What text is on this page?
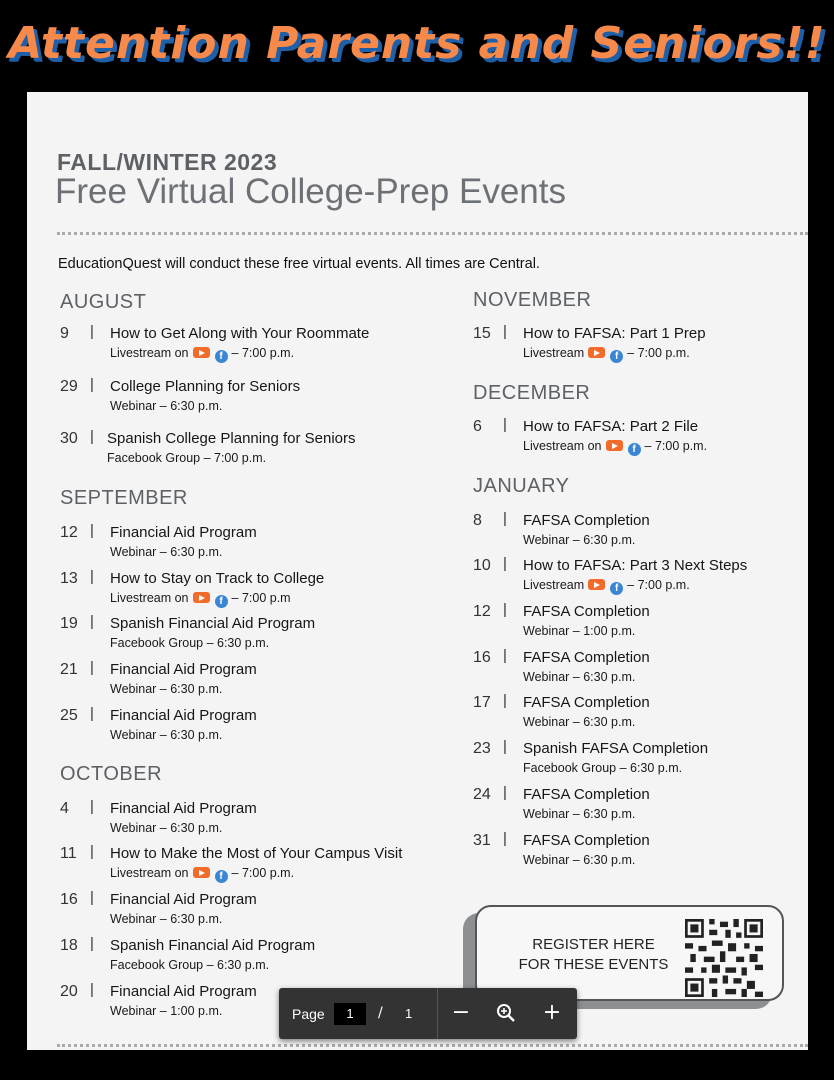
Attention Parents and Seniors!!
FALL/WINTER 2023
Free Virtual College-Prep Events
EducationQuest will conduct these free virtual events. All times are Central.
AUGUST
9	| How to Get Along with Your Roommate
Livestream on	f – 7:00 p.m.
29 | College Planning for Seniors
Webinar – 6:30 p.m.
30 | Spanish College Planning for Seniors
Facebook Group – 7:00 p.m.
SEPTEMBER
12 | Financial Aid Program
Webinar – 6:30 p.m.
13 | How to Stay on Track to College
Livestream on	f – 7:00 p.m
19 | Spanish Financial Aid Program
Facebook Group – 6:30 p.m.
21 | Financial Aid Program
Webinar – 6:30 p.m.
25 | Financial Aid Program
Webinar – 6:30 p.m.
OCTOBER
4	| Financial Aid Program
Webinar – 6:30 p.m.
11 | How to Make the Most of Your Campus Visit
Livestream on	f – 7:00 p.m.
16 | Financial Aid Program
Webinar – 6:30 p.m.
18 | Spanish Financial Aid Program
Facebook Group – 6:30 p.m.
20 | Financial Aid Program
Webinar – 1:00 p.m.
NOVEMBER
15 | How to FAFSA: Part 1 Prep
Livestream	f – 7:00 p.m.
DECEMBER
6	| How to FAFSA: Part 2 File
Livestream on	f – 7:00 p.m.
JANUARY
8	| FAFSA Completion
Webinar – 6:30 p.m.
10 | How to FAFSA: Part 3 Next Steps
Livestream	f – 7:00 p.m.
12 | FAFSA Completion
Webinar – 1:00 p.m.
16 | FAFSA Completion
Webinar – 6:30 p.m.
17 | FAFSA Completion
Webinar – 6:30 p.m.
23 | Spanish FAFSA Completion
Facebook Group – 6:30 p.m.
24 | FAFSA Completion
Webinar – 6:30 p.m.
31 | FAFSA Completion
Webinar – 6:30 p.m.
REGISTER HERE
FOR THESE EVENTS
Page	1	/ 1 −	+
